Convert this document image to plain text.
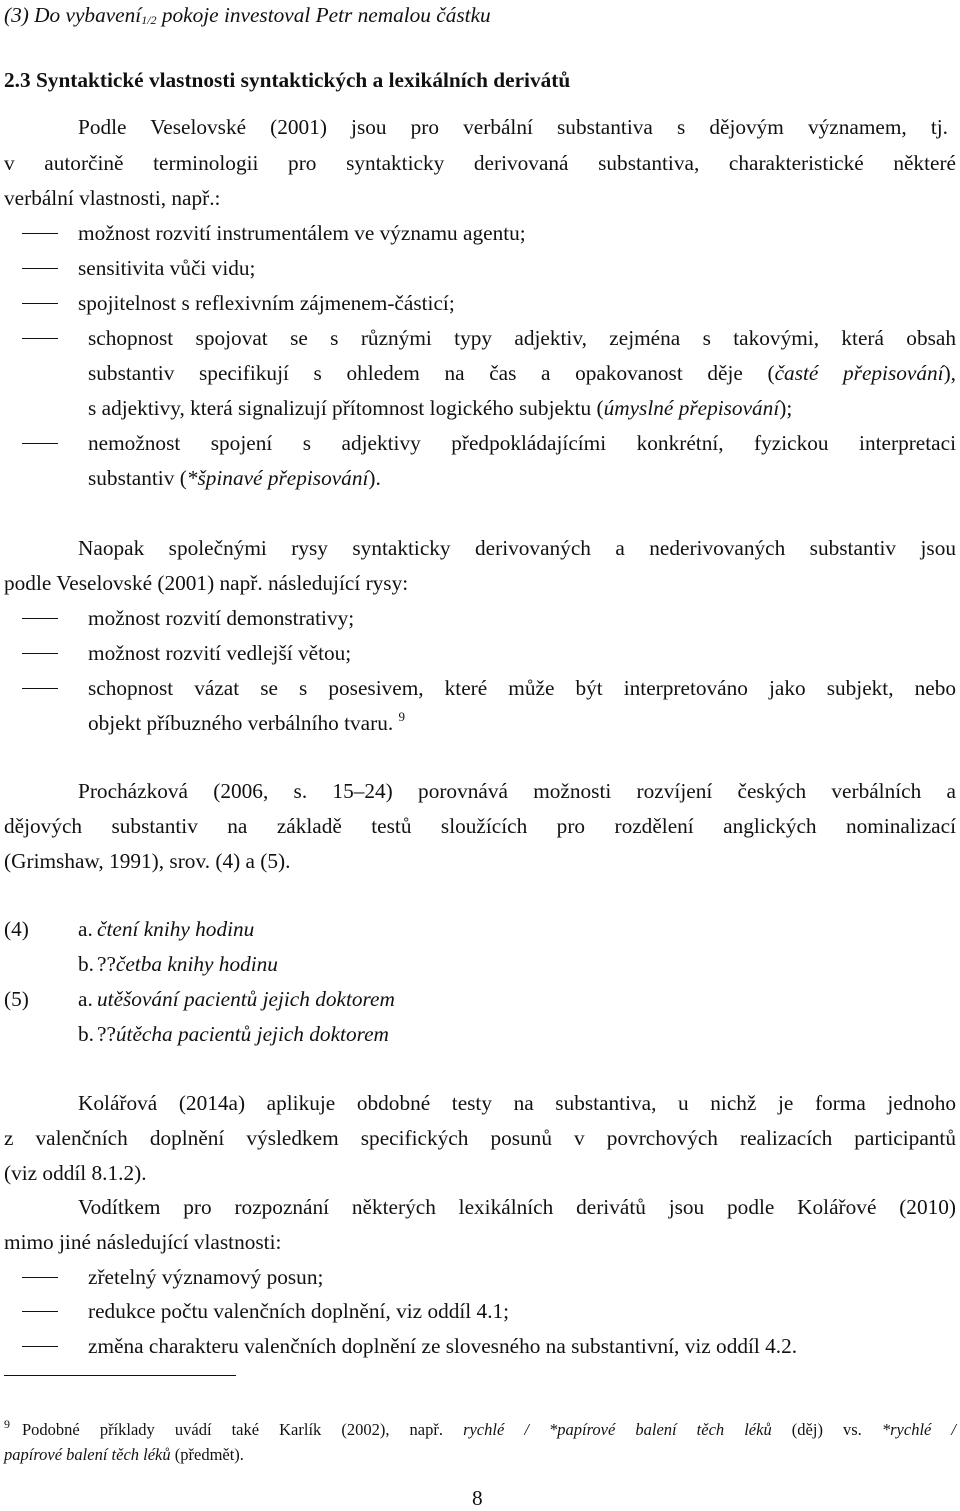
(3) Do vybavení$_{1/2}$ pokoje investoval Petr nemalou částku
2.3 Syntaktické vlastnosti syntaktických a lexikálních derivátů
Podle Veselovské (2001) jsou pro verbální substantiva s dějovým významem, tj.
v autorčině terminologii pro syntakticky derivovaná substantiva, charakteristické některé
verbální vlastnosti, např.:
možnost rozvití instrumentálem ve významu agentu;
sensitivita vůči vidu;
spojitelnost s reflexivním zájmenem-částicí;
schopnost spojovat se s různými typy adjektiv, zejména s takovými, která obsah
substantiv specifikují s ohledem na čas a opakovanost děje (časté přepisování),
s adjektivy, která signalizují přítomnost logického subjektu (úmyslné přepisování);
nemožnost spojení s adjektivy předpokládajícími konkrétní, fyzickou interpretaci
substantiv (*špinavé přepisování).
Naopak společnými rysy syntakticky derivovaných a nederivovaných substantiv jsou
podle Veselovské (2001) např. následující rysy:
možnost rozvití demonstrativy;
možnost rozvití vedlejší větou;
schopnost vázat se s posesivem, které může být interpretováno jako subjekt, nebo
objekt příbuzného verbálního tvaru. $^9$
Procházková (2006, s. 15–24) porovnává možnosti rozvíjení českých verbálních a
dějových substantiv na základě testů sloužících pro rozdělení anglických nominalizací
(Grimshaw, 1991), srov. (4) a (5).
(4) a. čtení knihy hodinu
b. ??četba knihy hodinu
(5) a. utěšování pacientů jejich doktorem
b. ??útěcha pacientů jejich doktorem
Kolářová (2014a) aplikuje obdobné testy na substantiva, u nichž je forma jednoho
z valenčních doplnění výsledkem specifických posunů v povrchových realizacích participantů
(viz oddíl 8.1.2).
Vodítkem pro rozpoznání některých lexikálních derivátů jsou podle Kolářové (2010)
mimo jiné následující vlastnosti:
zřetelný významový posun;
redukce počtu valenčních doplnění, viz oddíl 4.1;
změna charakteru valenčních doplnění ze slovesného na substantivní, viz oddíl 4.2.
$^9$ Podobné příklady uvádí také Karlík (2002), např. rychlé / *papírové balení těch léků (děj) vs. *rychlé /
papírové balení těch léků (předmět).
8
